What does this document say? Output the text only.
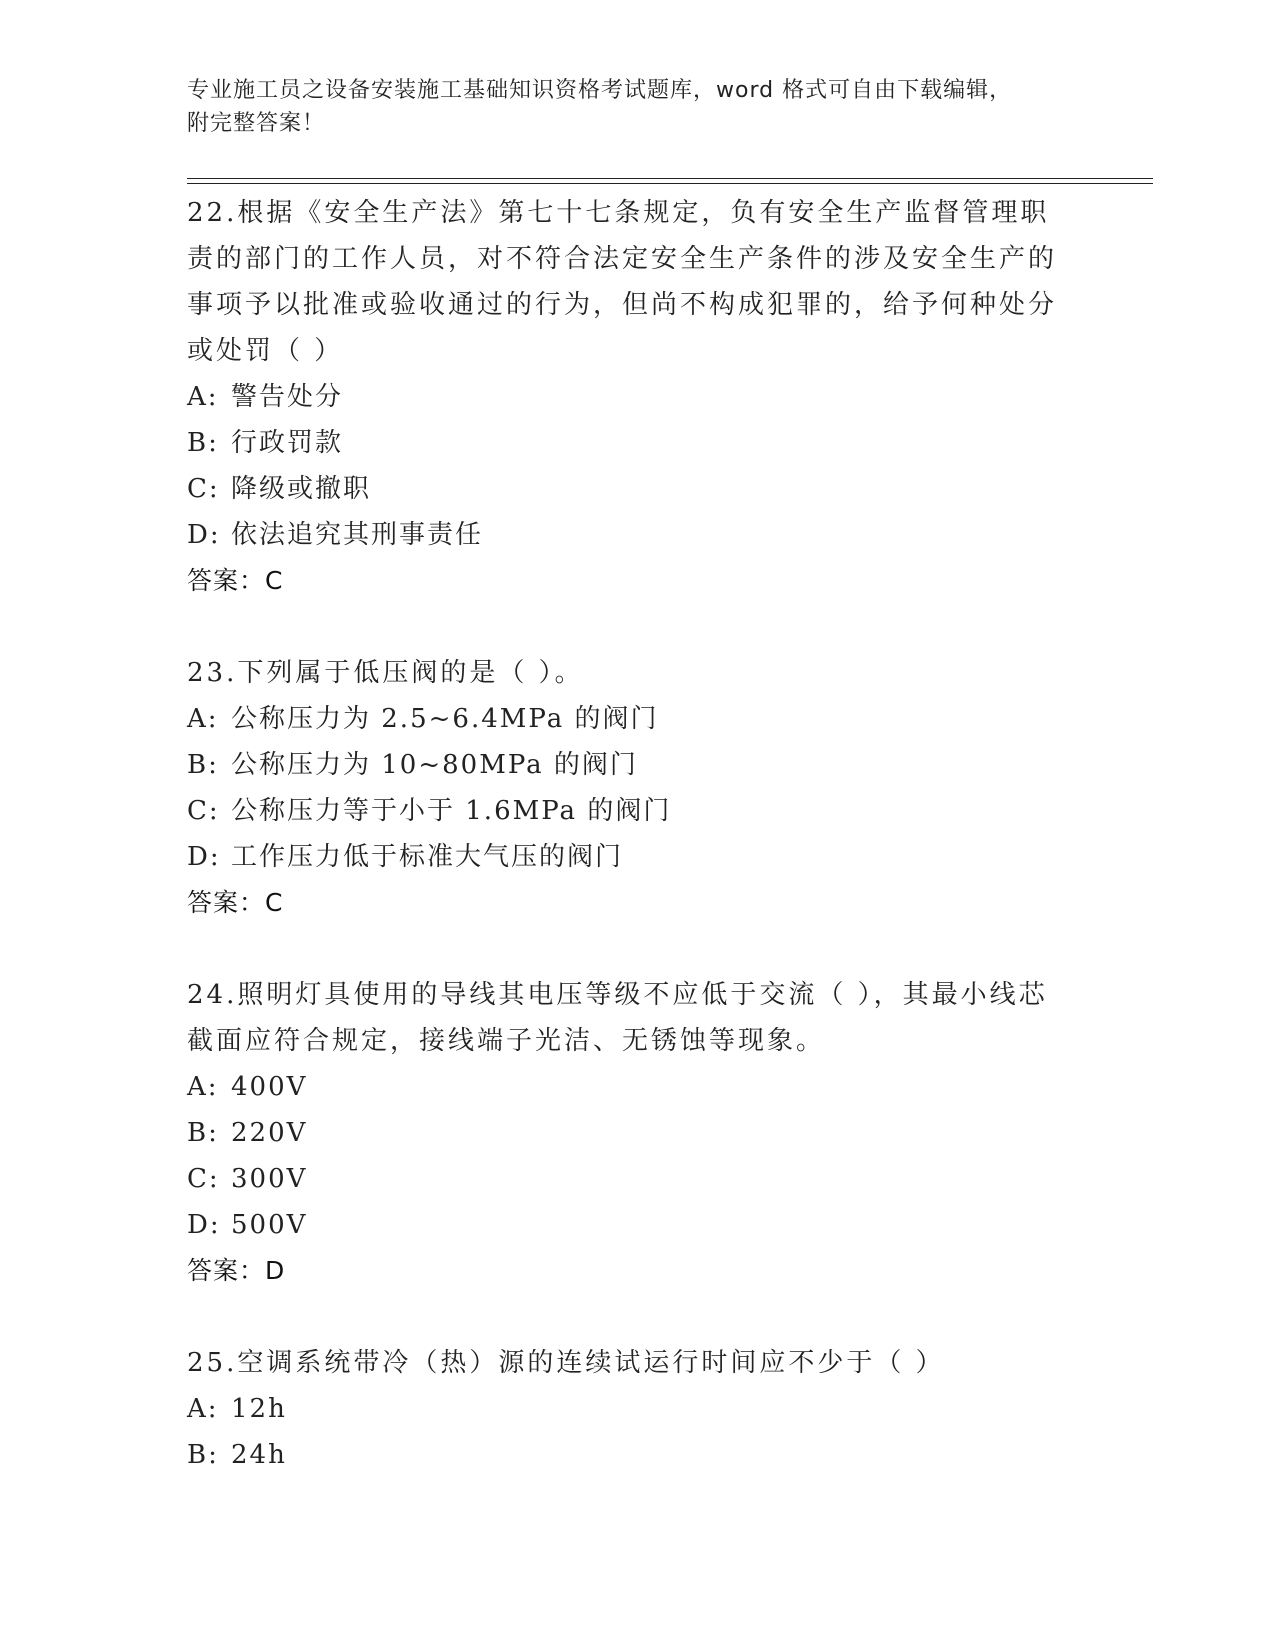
专业施工员之设备安装施工基础知识资格考试题库，word 格式可自由下载编辑，
附完整答案！

22.根据《安全生产法》第七十七条规定，负有安全生产监督管理职责的部门的工作人员，对不符合法定安全生产条件的涉及安全生产的事项予以批准或验收通过的行为，但尚不构成犯罪的，给予何种处分或处罚（ ）

A: 警告处分

B: 行政罚款

C: 降级或撤职

D: 依法追究其刑事责任

答案：C

23.下列属于低压阀的是（ ）。

A: 公称压力为 2.5~6.4MPa 的阀门

B: 公称压力为 10~80MPa 的阀门

C: 公称压力等于小于 1.6MPa 的阀门

D: 工作压力低于标准大气压的阀门

答案：C

24.照明灯具使用的导线其电压等级不应低于交流（ ），其最小线芯截面应符合规定，接线端子光洁、无锈蚀等现象。

A: 400V

B: 220V

C: 300V

D: 500V

答案：D

25.空调系统带冷（热）源的连续试运行时间应不少于（ ）

A: 12h

B: 24h
